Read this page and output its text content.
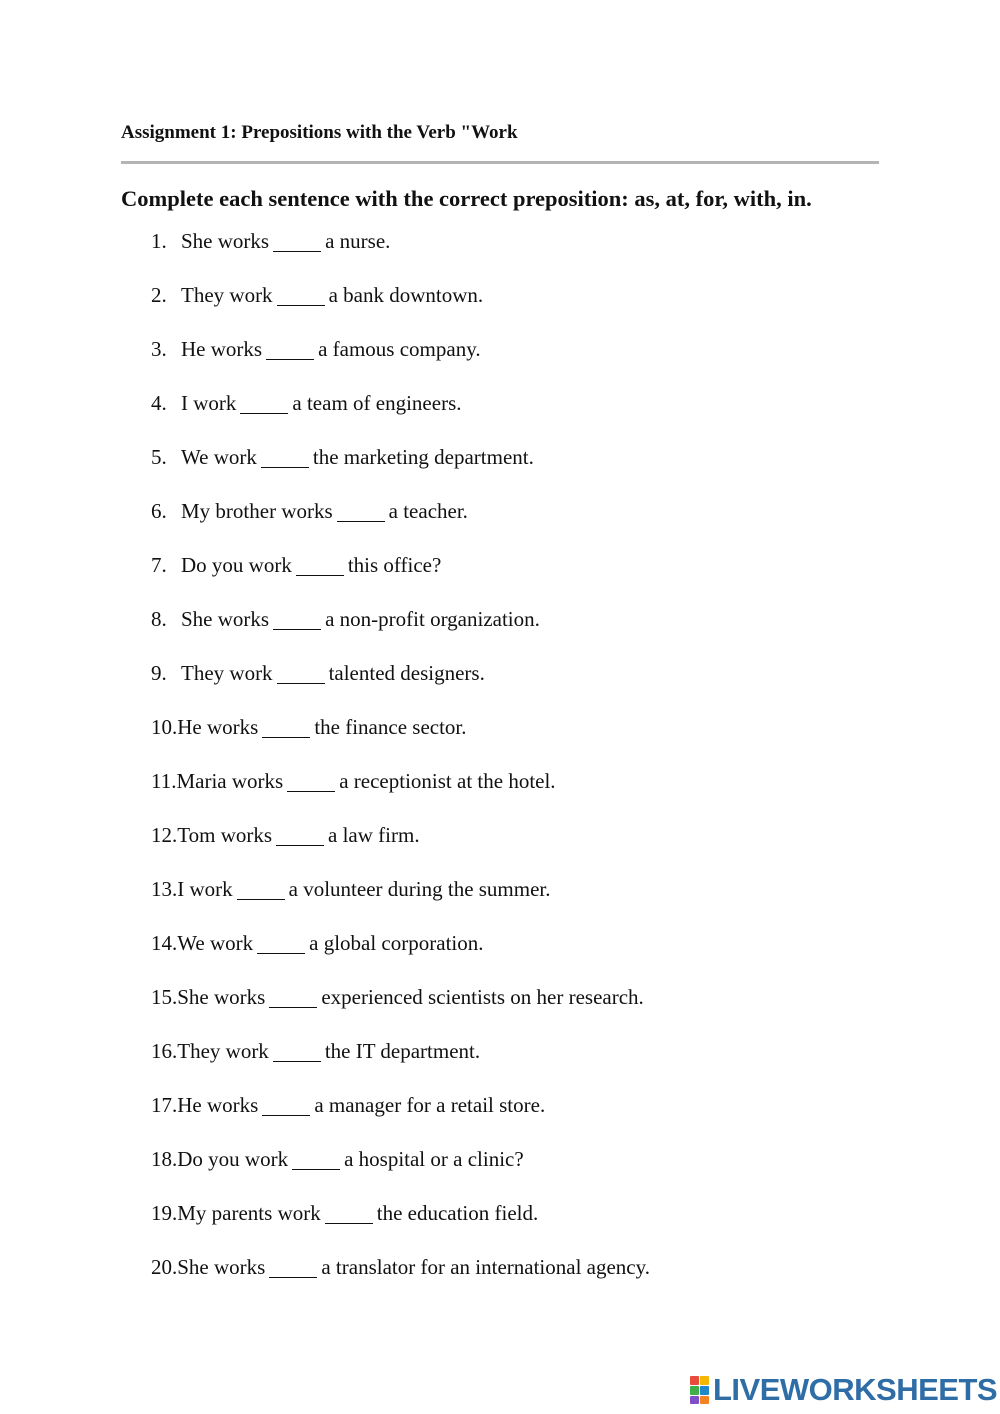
Assignment 1: Prepositions with the Verb "Work
Complete each sentence with the correct preposition: as, at, for, with, in.
1. She works	a nurse.
2. They work	a bank downtown.
3. He works	a famous company.
4. I work	a team of engineers.
5. We work	the marketing department.
6. My brother works	a teacher.
7. Do you work	this office?
8. She works	a non-profit organization.
9. They work	talented designers.
10.He works	the finance sector.
11.Maria works	a receptionist at the hotel.
12.Tom works	a law firm.
13.I work	a volunteer during the summer.
14.We work	a global corporation.
15.She works	experienced scientists on her research.
16.They work	the IT department.
17.He works	a manager for a retail store.
18.Do you work	a hospital or a clinic?
19.My parents work	the education field.
20.She works	a translator for an international agency.
LIVEWORKSHEETS
